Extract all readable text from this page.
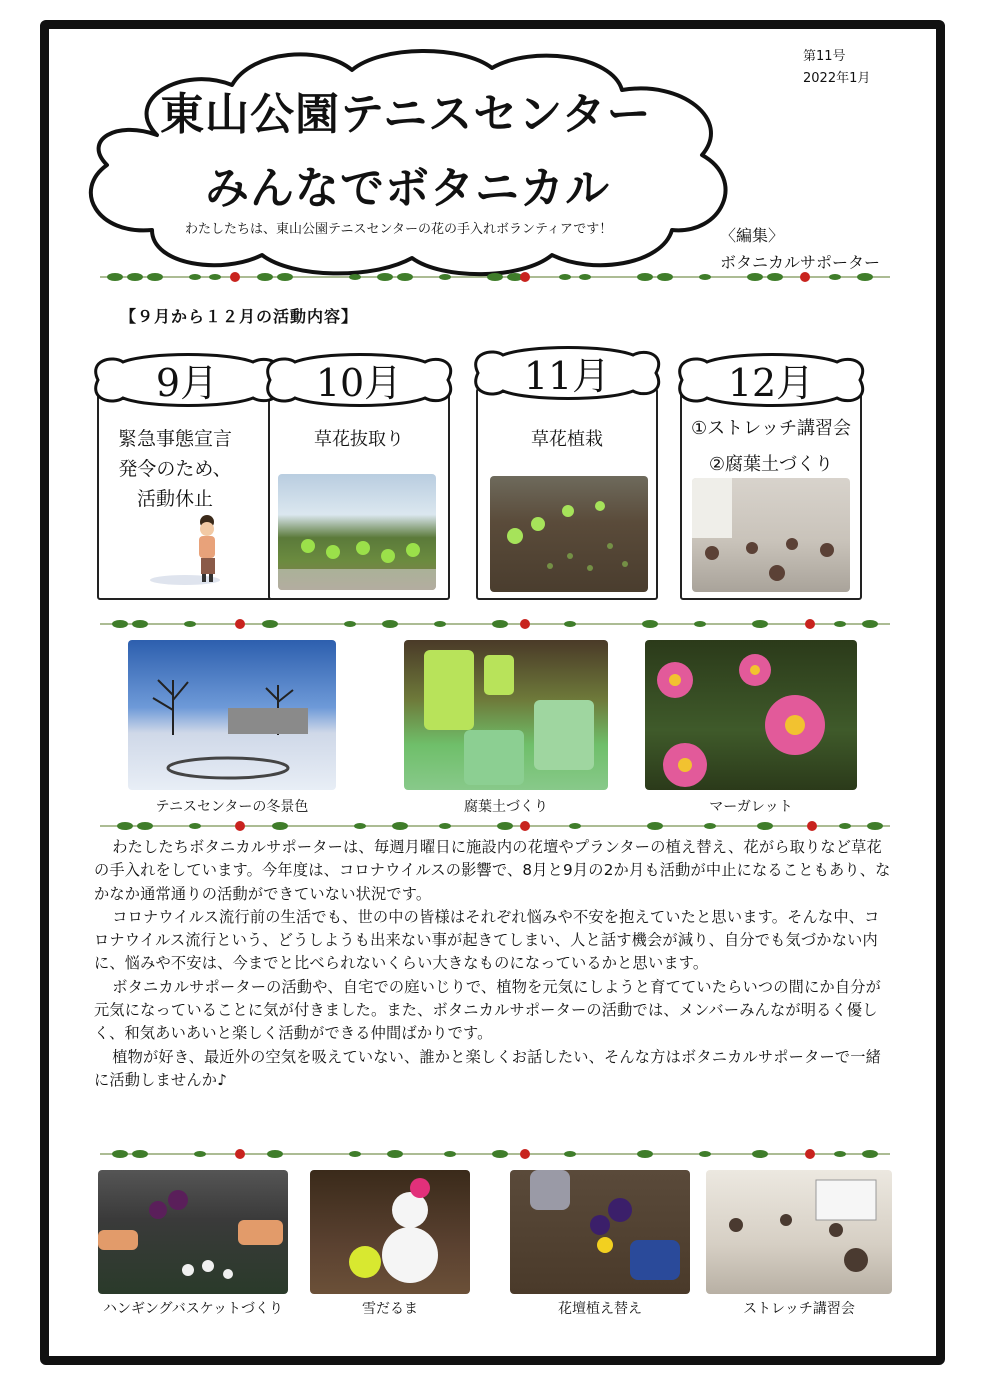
東山公園テニスセンター
みんなでボタニカル
わたしたちは、東山公園テニスセンターの花の手入れボランティアです！
第11号
2022年1月
〈編集〉
ボタニカルサポーター
【９月から１２月の活動内容】
9月	10月	11月	12月
緊急事態宣言発令のため、活動休止
草花抜取り	草花植栽
①ストレッチ講習会
②腐葉土づくり
テニスセンターの冬景色	腐葉土づくり	マーガレット

わたしたちボタニカルサポーターは、毎週月曜日に施設内の花壇やプランターの植え替え、花がら取りなど草花の手入れをしています。今年度は、コロナウイルスの影響で、8月と9月の2か月も活動が中止になることもあり、なかなか通常通りの活動ができていない状況です。

コロナウイルス流行前の生活でも、世の中の皆様はそれぞれ悩みや不安を抱えていたと思います。そんな中、コロナウイルス流行という、どうしようも出来ない事が起きてしまい、人と話す機会が減り、自分でも気づかない内に、悩みや不安は、今までと比べられないくらい大きなものになっているかと思います。

ボタニカルサポーターの活動や、自宅での庭いじりで、植物を元気にしようと育てていたらいつの間にか自分が元気になっていることに気が付きました。また、ボタニカルサポーターの活動では、メンバーみんなが明るく優しく、和気あいあいと楽しく活動ができる仲間ばかりです。

植物が好き、最近外の空気を吸えていない、誰かと楽しくお話したい、そんな方はボタニカルサポーターで一緒に活動しませんか♪

ハンギングバスケットづくり	雪だるま	花壇植え替え	ストレッチ講習会
